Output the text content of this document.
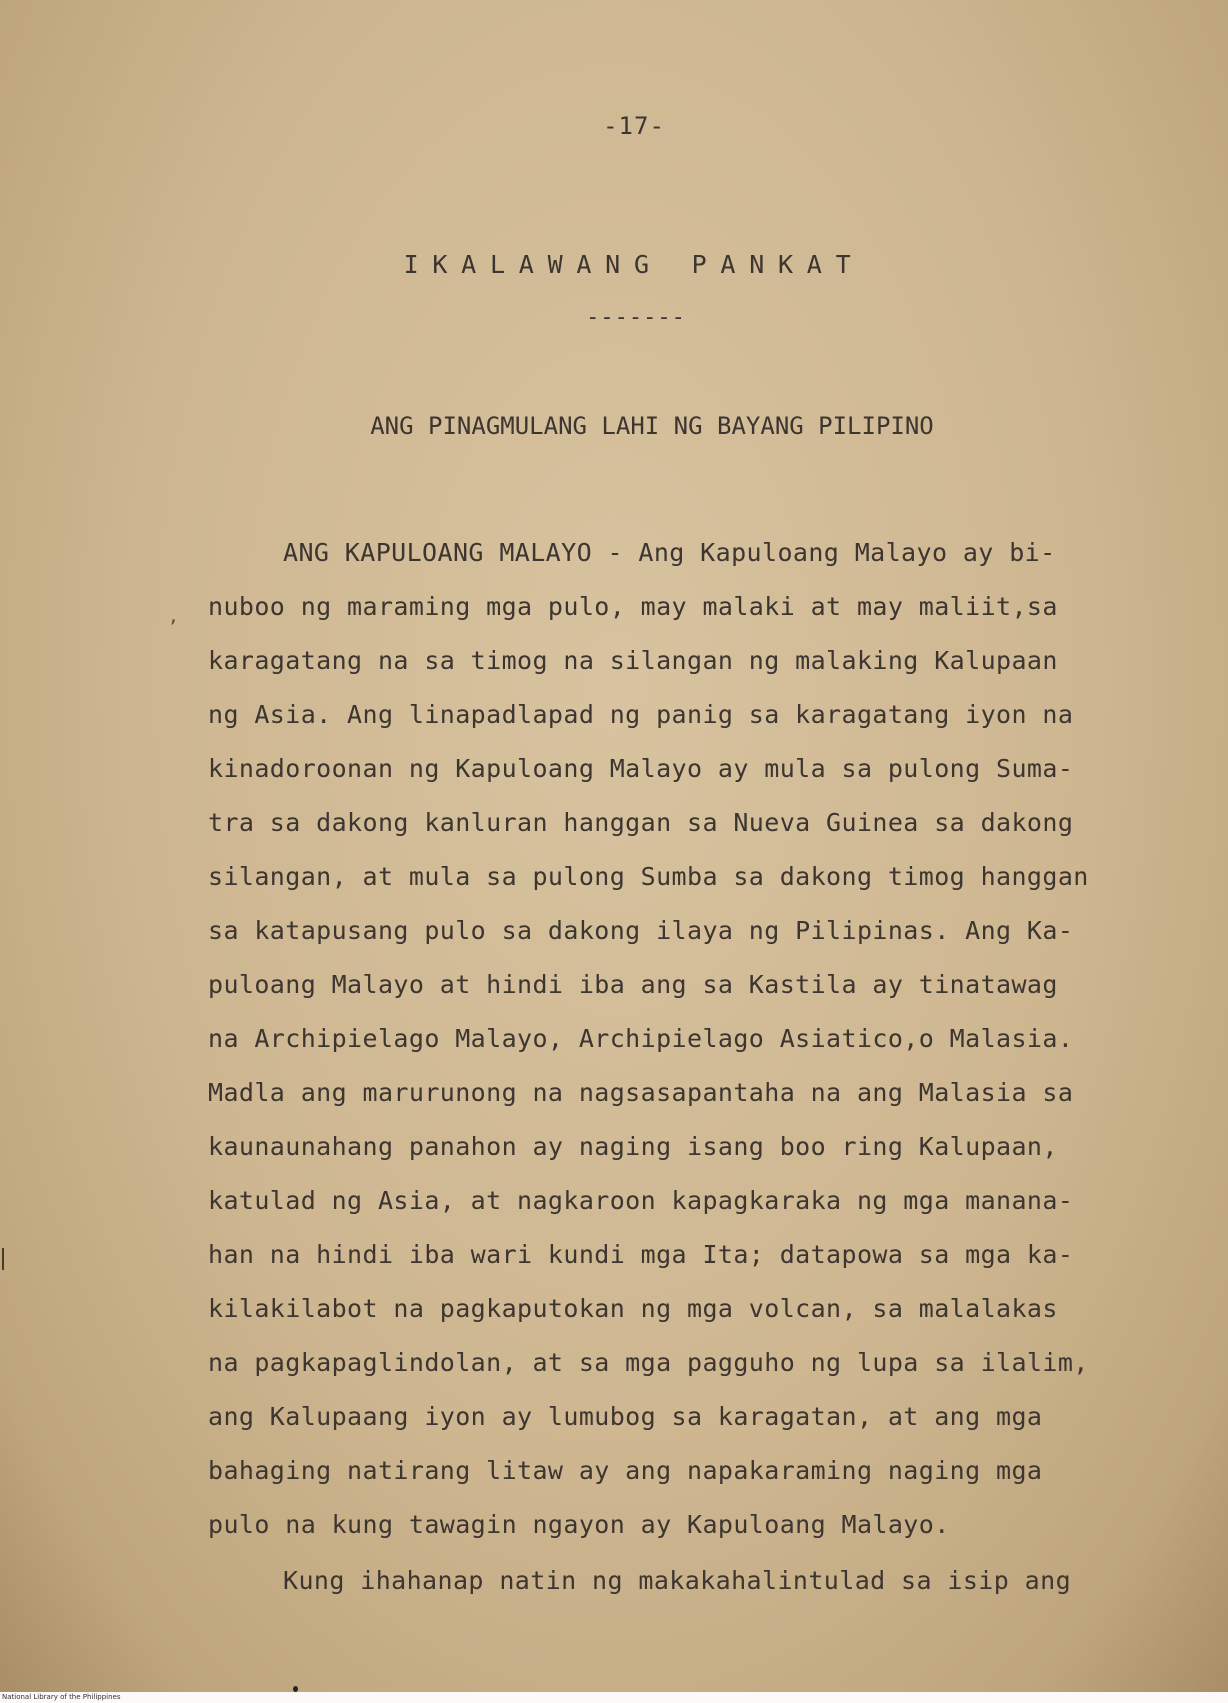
-17-
IKALAWANG PANKAT
-------
ANG PINAGMULANG LAHI NG BAYANG PILIPINO
ANG KAPULOANG MALAYO - Ang Kapuloang Malayo ay bi-
nuboo ng maraming mga pulo, may malaki at may maliit,sa
karagatang na sa timog na silangan ng malaking Kalupaan
ng Asia. Ang linapadlapad ng panig sa karagatang iyon na
kinadoroonan ng Kapuloang Malayo ay mula sa pulong Suma-
tra sa dakong kanluran hanggan sa Nueva Guinea sa dakong
silangan, at mula sa pulong Sumba sa dakong timog hanggan
sa katapusang pulo sa dakong ilaya ng Pilipinas. Ang Ka-
puloang Malayo at hindi iba ang sa Kastila ay tinatawag
na Archipielago Malayo, Archipielago Asiatico,o Malasia.
Madla ang marurunong na nagsasapantaha na ang Malasia sa
kaunaunahang panahon ay naging isang boo ring Kalupaan,
katulad ng Asia, at nagkaroon kapagkaraka ng mga manana-
han na hindi iba wari kundi mga Ita; datapowa sa mga ka-
kilakilabot na pagkaputokan ng mga volcan, sa malalakas
na pagkapaglindolan, at sa mga pagguho ng lupa sa ilalim,
ang Kalupaang iyon ay lumubog sa karagatan, at ang mga
bahaging natirang litaw ay ang napakaraming naging mga
pulo na kung tawagin ngayon ay Kapuloang Malayo.
Kung ihahanap natin ng makakahalintulad sa isip ang
,
National Library of the Philippines
